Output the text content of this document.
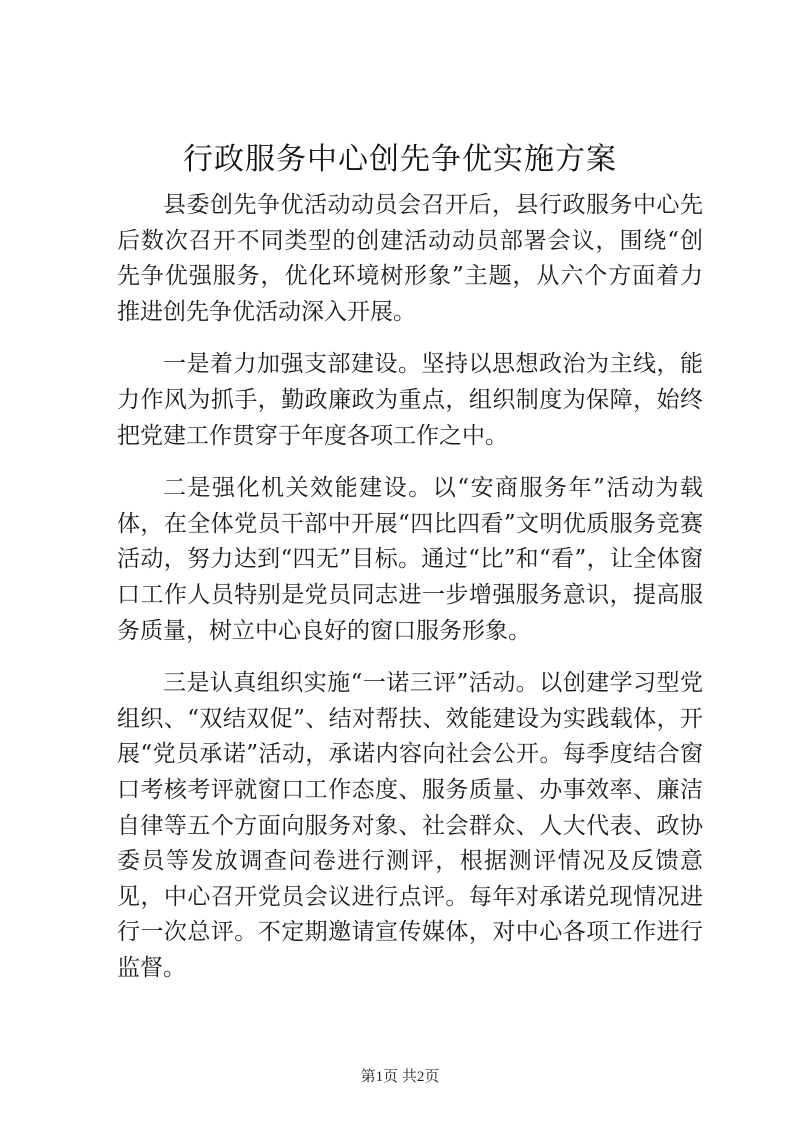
行政服务中心创先争优实施方案

县委创先争优活动动员会召开后，县行政服务中心先后数次召开不同类型的创建活动动员部署会议，围绕“创先争优强服务，优化环境树形象”主题，从六个方面着力推进创先争优活动深入开展。

一是着力加强支部建设。坚持以思想政治为主线，能力作风为抓手，勤政廉政为重点，组织制度为保障，始终把党建工作贯穿于年度各项工作之中。

二是强化机关效能建设。以“安商服务年”活动为载体，在全体党员干部中开展“四比四看”文明优质服务竞赛活动，努力达到“四无”目标。通过“比”和“看”，让全体窗口工作人员特别是党员同志进一步增强服务意识，提高服务质量，树立中心良好的窗口服务形象。

三是认真组织实施“一诺三评”活动。以创建学习型党组织、“双结双促”、结对帮扶、效能建设为实践载体，开展“党员承诺”活动，承诺内容向社会公开。每季度结合窗口考核考评就窗口工作态度、服务质量、办事效率、廉洁自律等五个方面向服务对象、社会群众、人大代表、政协委员等发放调查问卷进行测评，根据测评情况及反馈意见，中心召开党员会议进行点评。每年对承诺兑现情况进行一次总评。不定期邀请宣传媒体，对中心各项工作进行监督。

第1页 共2页
